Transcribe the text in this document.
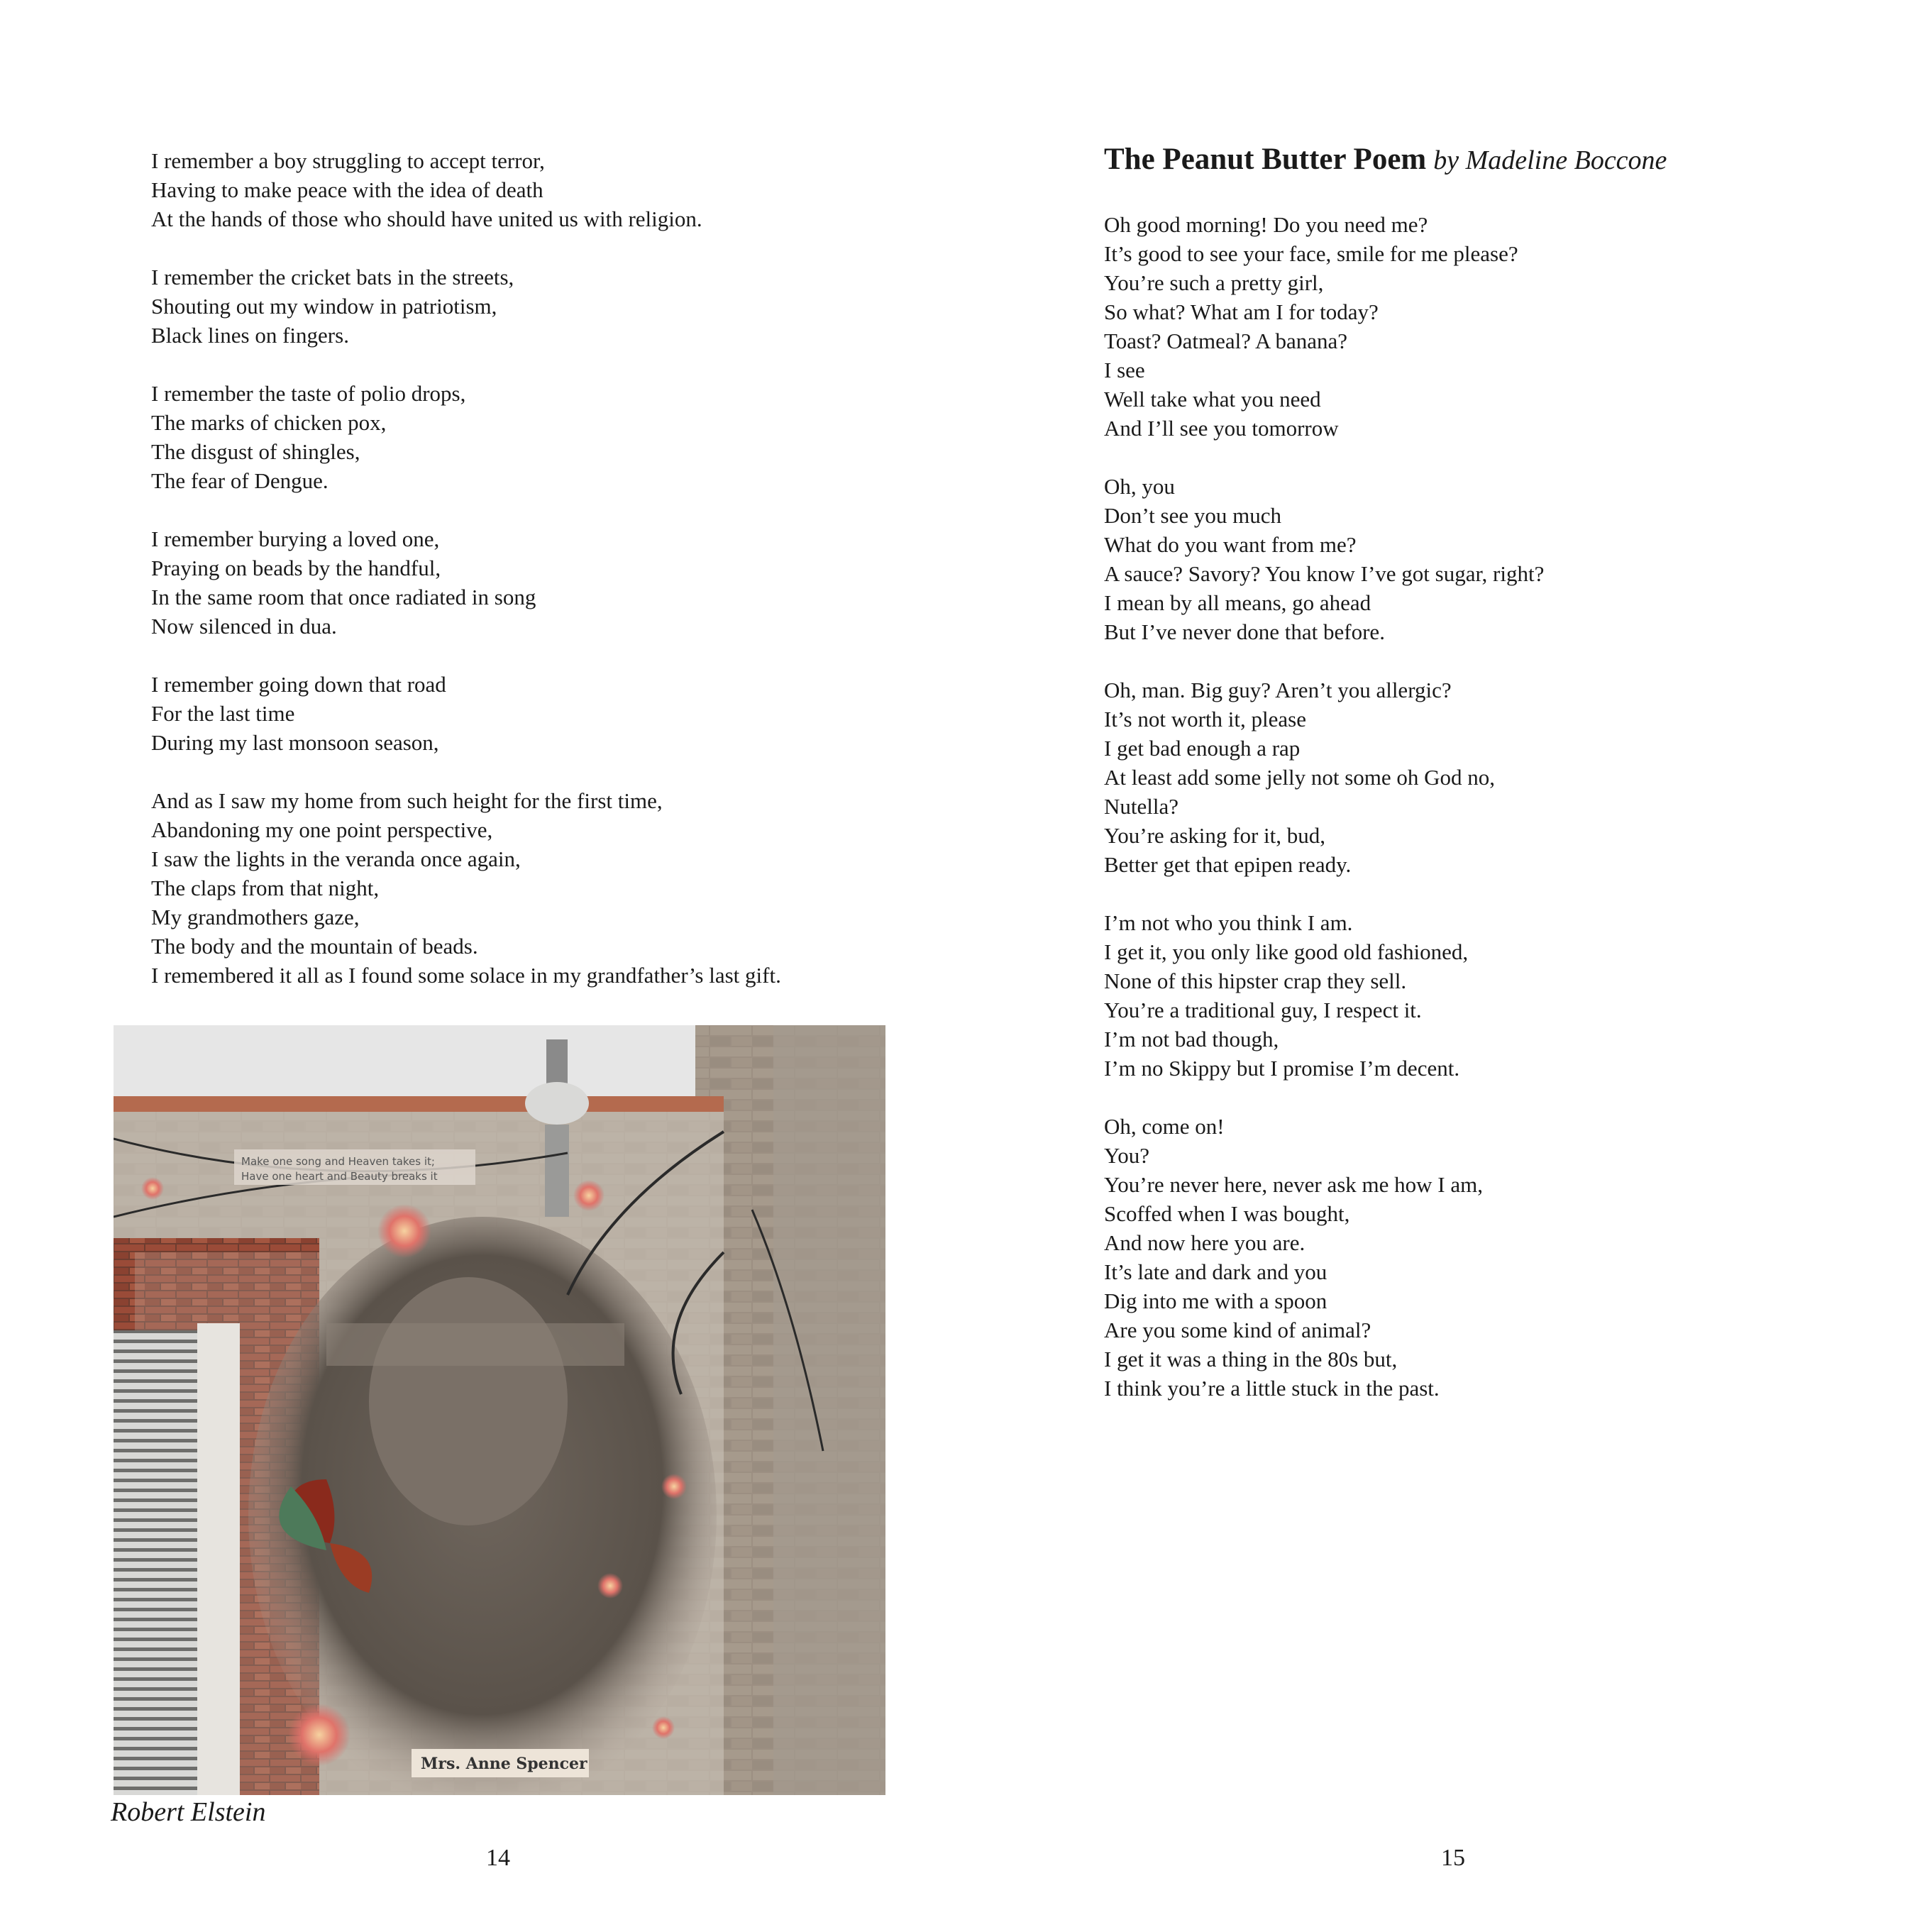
I remember a boy struggling to accept terror,
Having to make peace with the idea of death
At the hands of those who should have united us with religion.
I remember the cricket bats in the streets,
Shouting out my window in patriotism,
Black lines on fingers.
I remember the taste of polio drops,
The marks of chicken pox,
The disgust of shingles,
The fear of Dengue.
I remember burying a loved one,
Praying on beads by the handful,
In the same room that once radiated in song
Now silenced in dua.
I remember going down that road
For the last time
During my last monsoon season,
And as I saw my home from such height for the first time,
Abandoning my one point perspective,
I saw the lights in the veranda once again,
The claps from that night,
My grandmothers gaze,
The body and the mountain of beads.
I remembered it all as I found some solace in my grandfather’s last gift.
Make one song and Heaven takes it;
Have one heart and Beauty breaks it
Mrs. Anne Spencer
Robert Elstein
14
The Peanut Butter Poem by Madeline Boccone
Oh good morning! Do you need me?
It’s good to see your face, smile for me please?
You’re such a pretty girl,
So what? What am I for today?
Toast? Oatmeal? A banana?
I see
Well take what you need
And I’ll see you tomorrow
Oh, you
Don’t see you much
What do you want from me?
A sauce? Savory? You know I’ve got sugar, right?
I mean by all means, go ahead
But I’ve never done that before.
Oh, man. Big guy? Aren’t you allergic?
It’s not worth it, please
I get bad enough a rap
At least add some jelly not some oh God no,
Nutella?
You’re asking for it, bud,
Better get that epipen ready.
I’m not who you think I am.
I get it, you only like good old fashioned,
None of this hipster crap they sell.
You’re a traditional guy, I respect it.
I’m not bad though,
I’m no Skippy but I promise I’m decent.
Oh, come on!
You?
You’re never here, never ask me how I am,
Scoffed when I was bought,
And now here you are.
It’s late and dark and you
Dig into me with a spoon
Are you some kind of animal?
I get it was a thing in the 80s but,
I think you’re a little stuck in the past.
15
